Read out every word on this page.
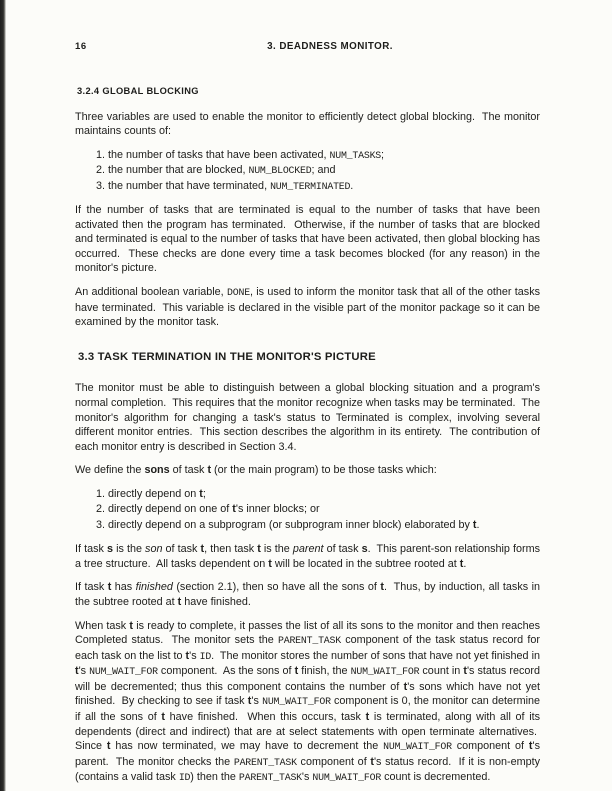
16	3. DEADNESS MONITOR.
3.2.4 GLOBAL BLOCKING
Three variables are used to enable the monitor to efficiently detect global blocking.  The monitor maintains counts of:
1. the number of tasks that have been activated, NUM_TASKS;
2. the number that are blocked, NUM_BLOCKED; and
3. the number that have terminated, NUM_TERMINATED.
If the number of tasks that are terminated is equal to the number of tasks that have been activated then the program has terminated.  Otherwise, if the number of tasks that are blocked and terminated is equal to the number of tasks that have been activated, then global blocking has occurred.  These checks are done every time a task becomes blocked (for any reason) in the monitor's picture.
An additional boolean variable, DONE, is used to inform the monitor task that all of the other tasks have terminated.  This variable is declared in the visible part of the monitor package so it can be examined by the monitor task.
3.3 TASK TERMINATION IN THE MONITOR'S PICTURE
The monitor must be able to distinguish between a global blocking situation and a program's normal completion.  This requires that the monitor recognize when tasks may be terminated.  The monitor's algorithm for changing a task's status to Terminated is complex, involving several different monitor entries.  This section describes the algorithm in its entirety.  The contribution of each monitor entry is described in Section 3.4.
We define the sons of task t (or the main program) to be those tasks which:
1. directly depend on t;
2. directly depend on one of t's inner blocks; or
3. directly depend on a subprogram (or subprogram inner block) elaborated by t.
If task s is the son of task t, then task t is the parent of task s.  This parent-son relationship forms a tree structure.  All tasks dependent on t will be located in the subtree rooted at t.
If task t has finished (section 2.1), then so have all the sons of t.  Thus, by induction, all tasks in the subtree rooted at t have finished.
When task t is ready to complete, it passes the list of all its sons to the monitor and then reaches Completed status.  The monitor sets the PARENT_TASK component of the task status record for each task on the list to t's ID.  The monitor stores the number of sons that have not yet finished in t's NUM_WAIT_FOR component.  As the sons of t finish, the NUM_WAIT_FOR count in t's status record will be decremented; thus this component contains the number of t's sons which have not yet finished.  By checking to see if task t's NUM_WAIT_FOR component is 0, the monitor can determine if all the sons of t have finished.  When this occurs, task t is terminated, along with all of its dependents (direct and indirect) that are at select statements with open terminate alternatives.  Since t has now terminated, we may have to decrement the NUM_WAIT_FOR component of t's parent.  The monitor checks the PARENT_TASK component of t's status record.  If it is non-empty (contains a valid task ID) then the PARENT_TASK's NUM_WAIT_FOR count is decremented.
